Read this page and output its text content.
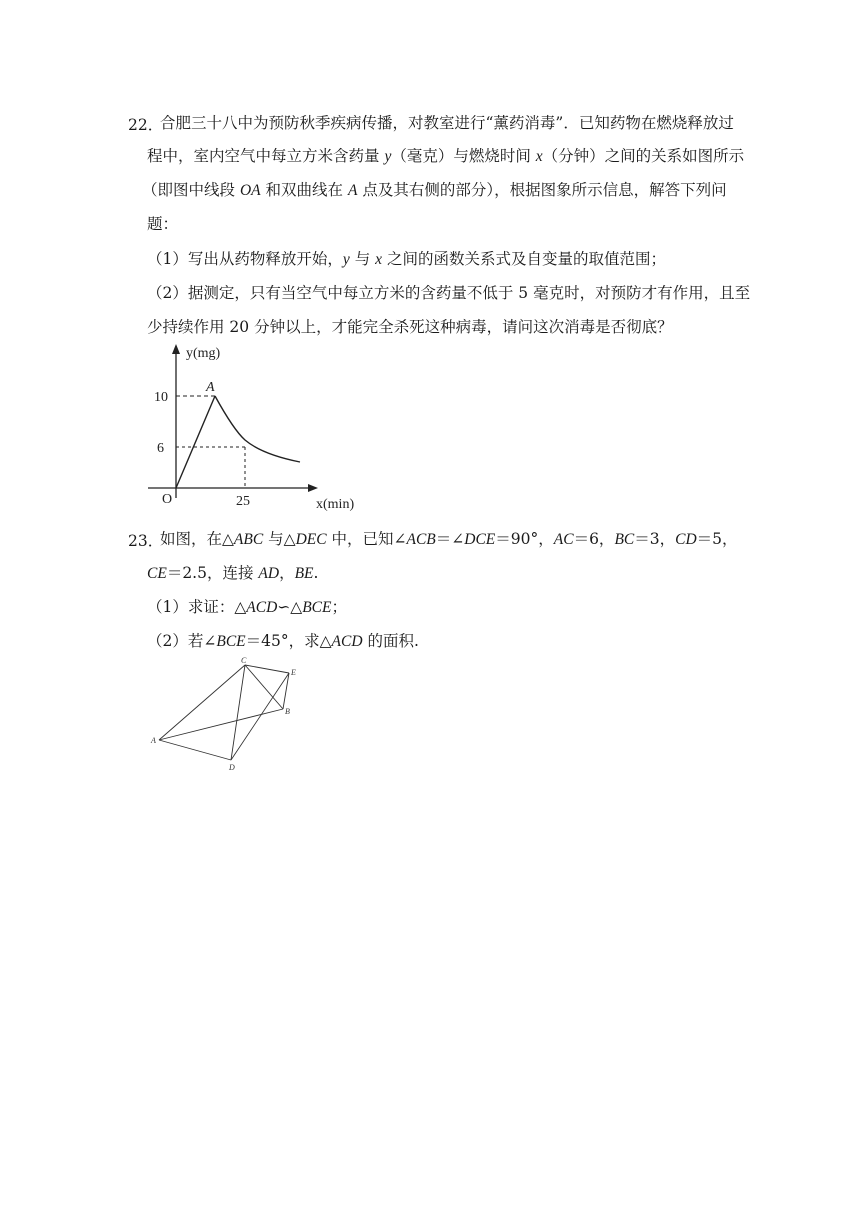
22．
合肥三十八中为预防秋季疾病传播，对教室进行“薰药消毒”．已知药物在燃烧释放过
程中，室内空气中每立方米含药量 y（毫克）与燃烧时间 x（分钟）之间的关系如图所示
（即图中线段 OA 和双曲线在 A 点及其右侧的部分），根据图象所示信息，解答下列问
题：
（1）写出从药物释放开始，y 与 x 之间的函数关系式及自变量的取值范围；
（2）据测定，只有当空气中每立方米的含药量不低于 5 毫克时，对预防才有作用，且至
少持续作用 20 分钟以上，才能完全杀死这种病毒，请问这次消毒是否彻底？
y(mg)
x(min)
O
A
10
6
25
23．
如图，在△ABC 与△DEC 中，已知∠ACB＝∠DCE＝90°，AC＝6，BC＝3，CD＝5，
CE＝2.5，连接 AD，BE.
（1）求证：△ACD∽△BCE；
（2）若∠BCE＝45°，求△ACD 的面积.
A
B
C
D
E
